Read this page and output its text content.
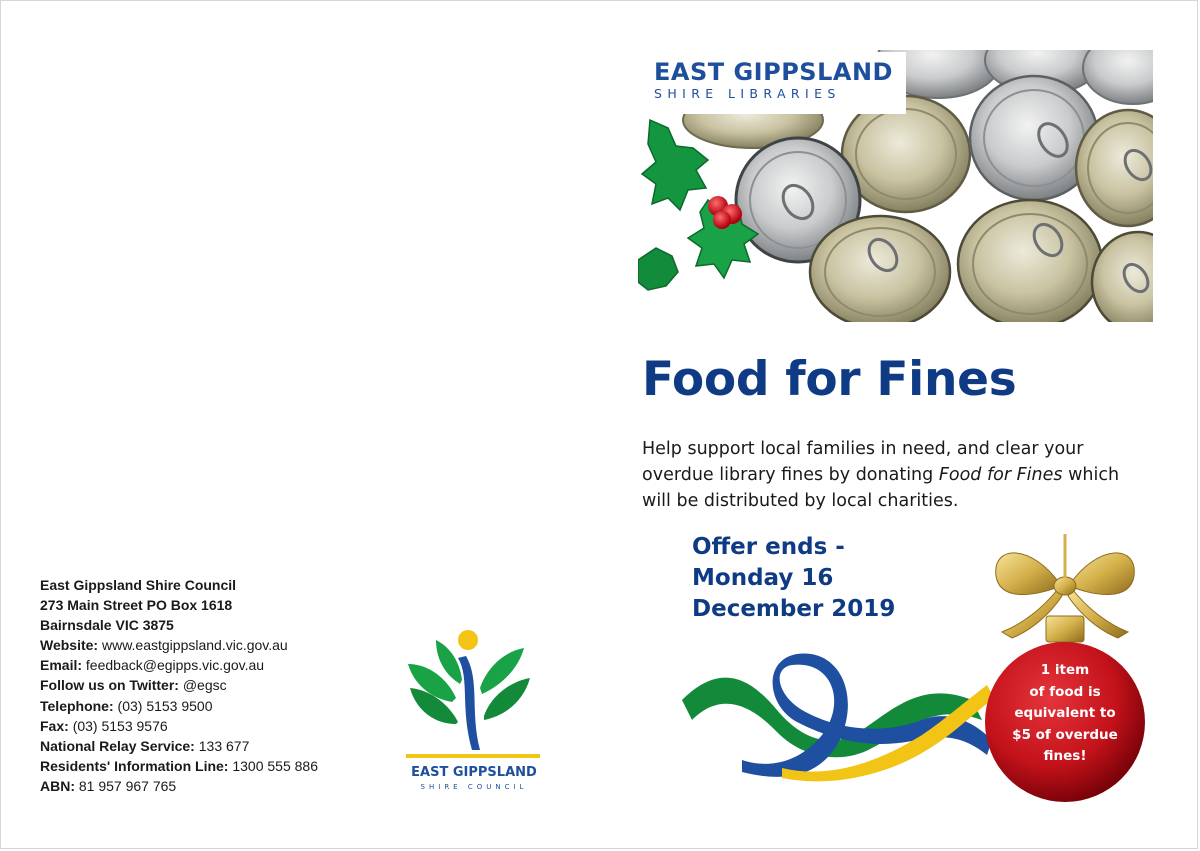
EAST GIPPSLAND
SHIRE LIBRARIES
Food for Fines
Help support local families in need, and clear your overdue library fines by donating Food for Fines which will be distributed by local charities.
Offer ends -
Monday 16
December 2019
1 item
of food is
equivalent to
$5 of overdue
fines!
East Gippsland Shire Council
273 Main Street PO Box 1618
Bairnsdale VIC 3875
Website: www.eastgippsland.vic.gov.au
Email: feedback@egipps.vic.gov.au
Follow us on Twitter: @egsc
Telephone: (03) 5153 9500
Fax: (03) 5153 9576
National Relay Service: 133 677
Residents' Information Line: 1300 555 886
ABN: 81 957 967 765
EAST GIPPSLAND
SHIRE COUNCIL
